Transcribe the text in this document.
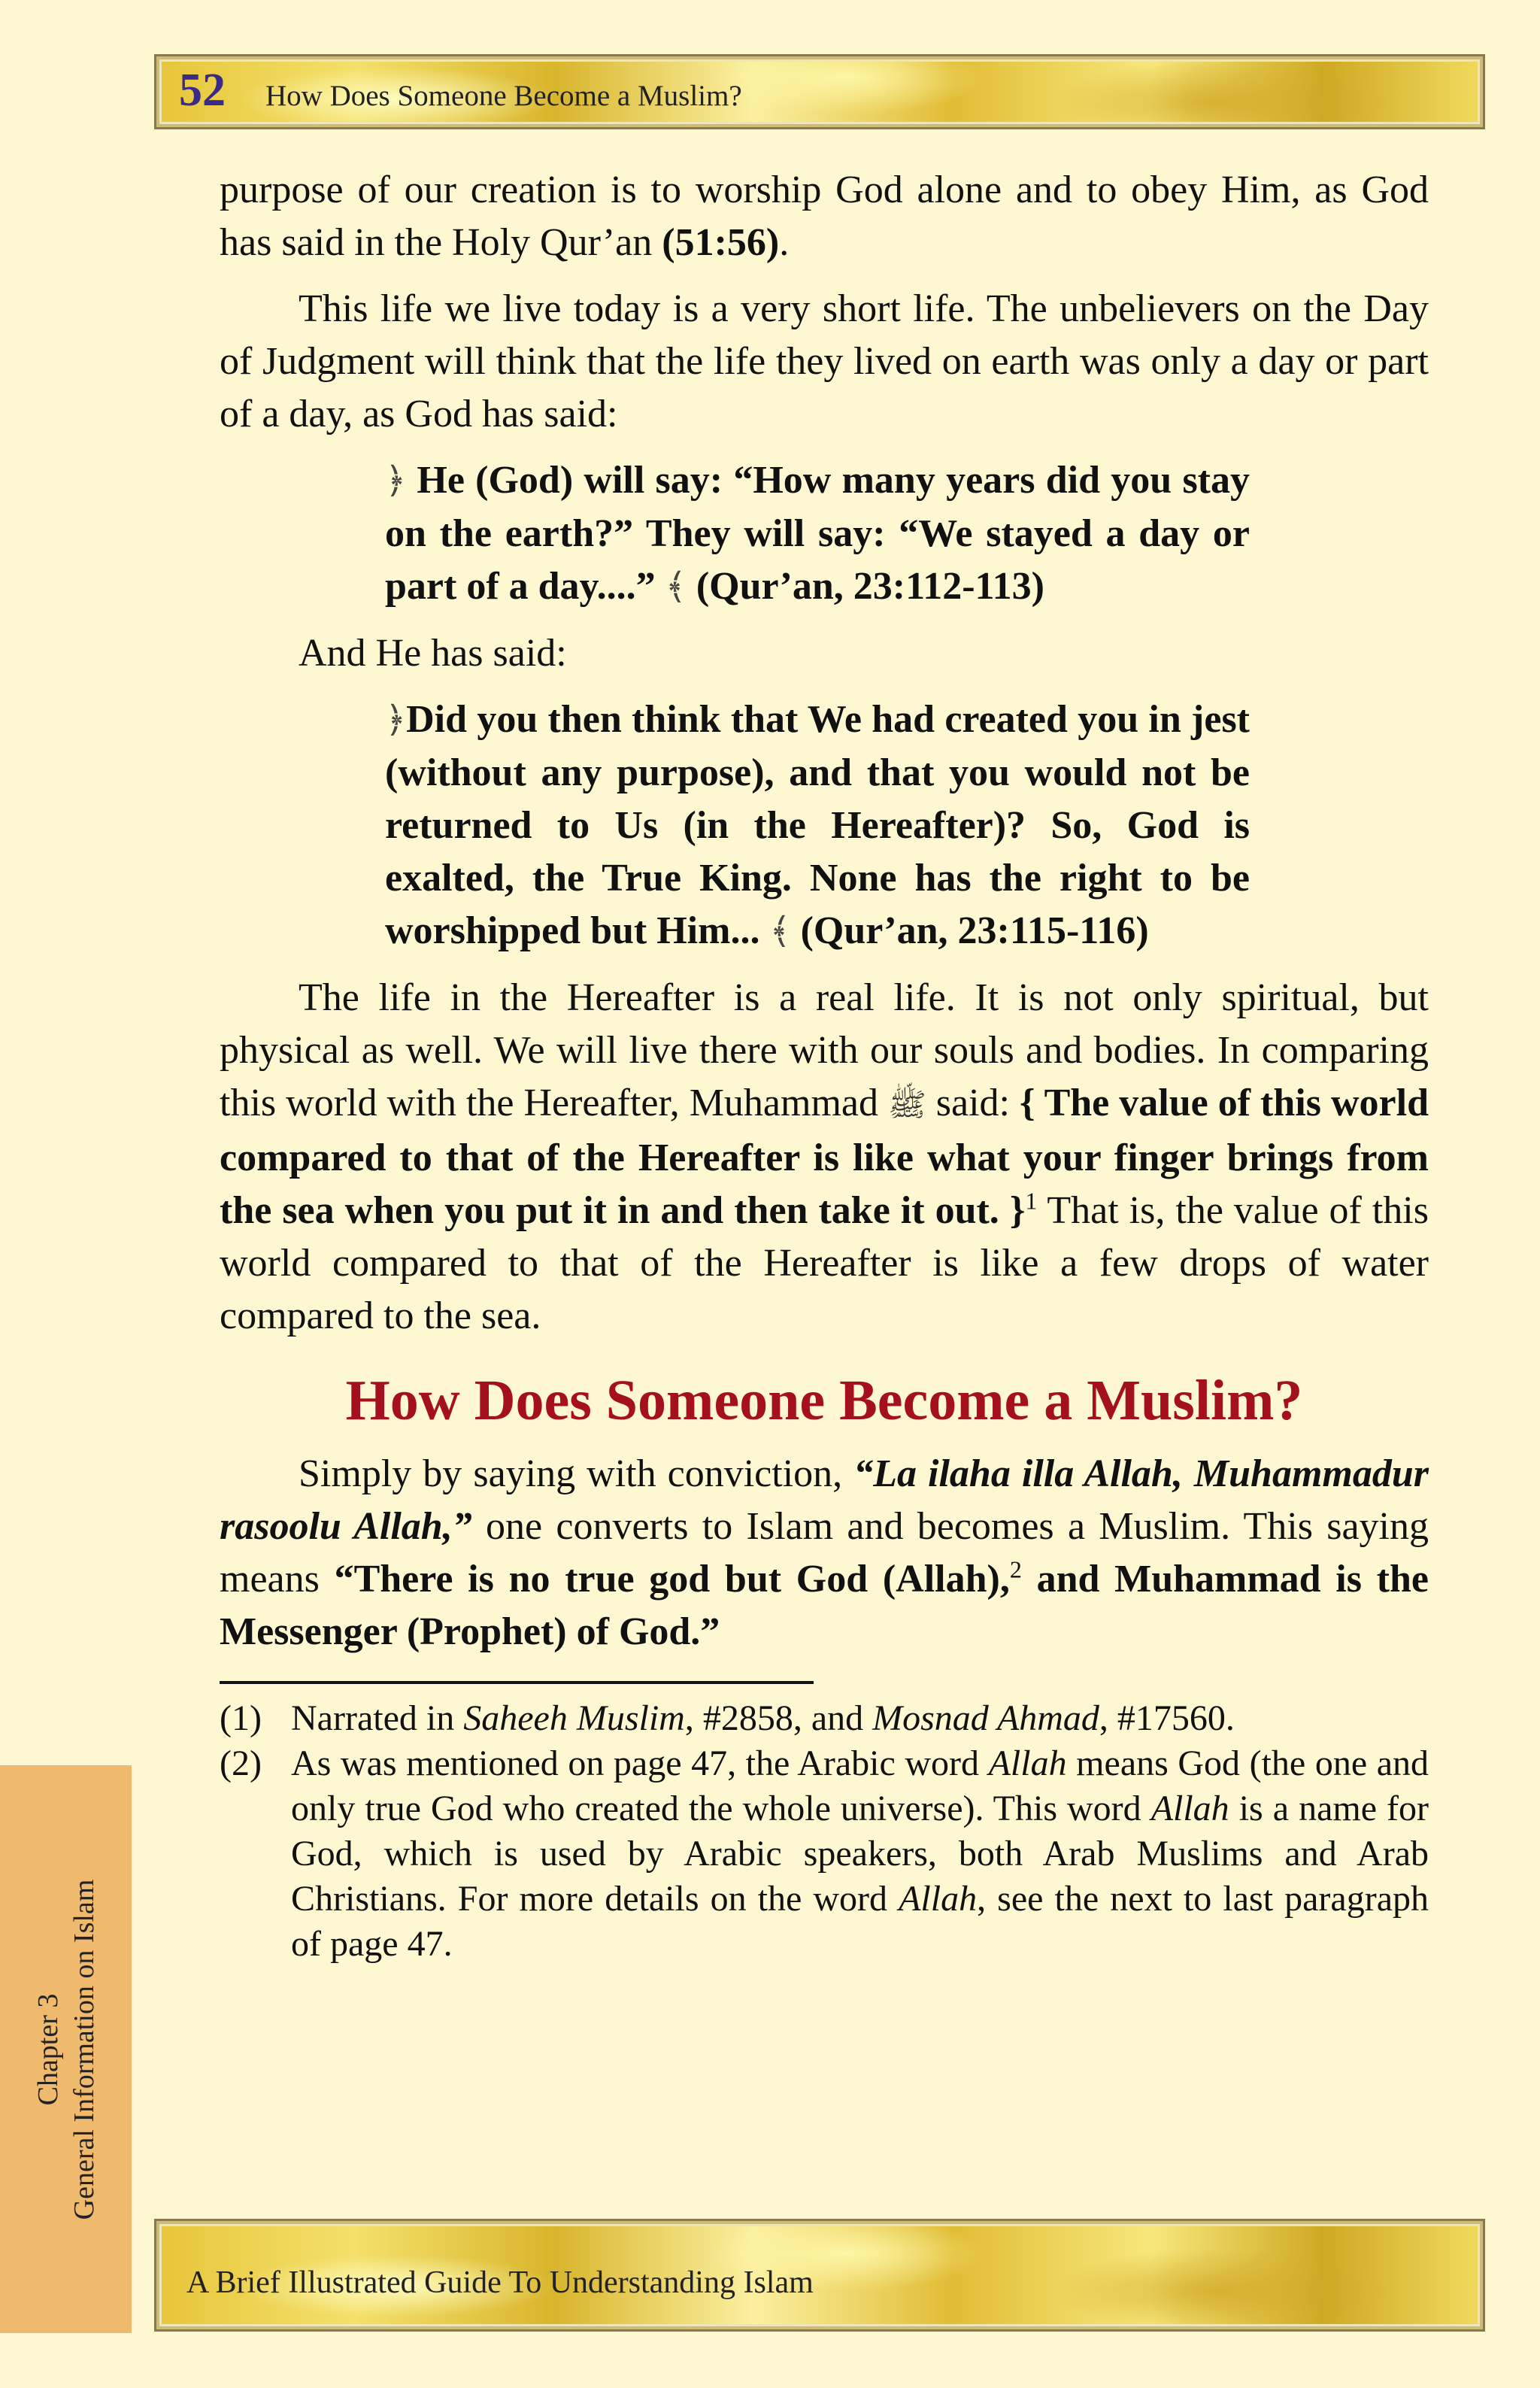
52 How Does Someone Become a Muslim?
Chapter 3 General Information on Islam

purpose of our creation is to worship God alone and to obey Him, as God has said in the Holy Qur’an (51:56).

This life we live today is a very short life. The unbelievers on the Day of Judgment will think that the life they lived on earth was only a day or part of a day, as God has said:

﴿ He (God) will say: “How many years did you stay on the earth?” They will say: “We stayed a day or part of a day....” ﴾ (Qur’an, 23:112-113)

And He has said:

﴿Did you then think that We had created you in jest (without any purpose), and that you would not be returned to Us (in the Hereafter)? So, God is exalted, the True King. None has the right to be worshipped but Him... ﴾ (Qur’an, 23:115-116)

The life in the Hereafter is a real life. It is not only spiritual, but physical as well. We will live there with our souls and bodies. In comparing this world with the Hereafter, Muhammad ﷺ said: { The value of this world compared to that of the Hereafter is like what your finger brings from the sea when you put it in and then take it out. }$^1$ That is, the value of this world compared to that of the Hereafter is like a few drops of water compared to the sea.

How Does Someone Become a Muslim?

Simply by saying with conviction, “La ilaha illa Allah, Muhammadur rasoolu Allah,” one converts to Islam and becomes a Muslim. This saying means “There is no true god but God (Allah),$^2$ and Muhammad is the Messenger (Prophet) of God.”

(1) Narrated in Saheeh Muslim, #2858, and Mosnad Ahmad, #17560.
(2) As was mentioned on page 47, the Arabic word Allah means God (the one and only true God who created the whole universe). This word Allah is a name for God, which is used by Arabic speakers, both Arab Muslims and Arab Christians. For more details on the word Allah, see the next to last paragraph of page 47.
A Brief Illustrated Guide To Understanding Islam
